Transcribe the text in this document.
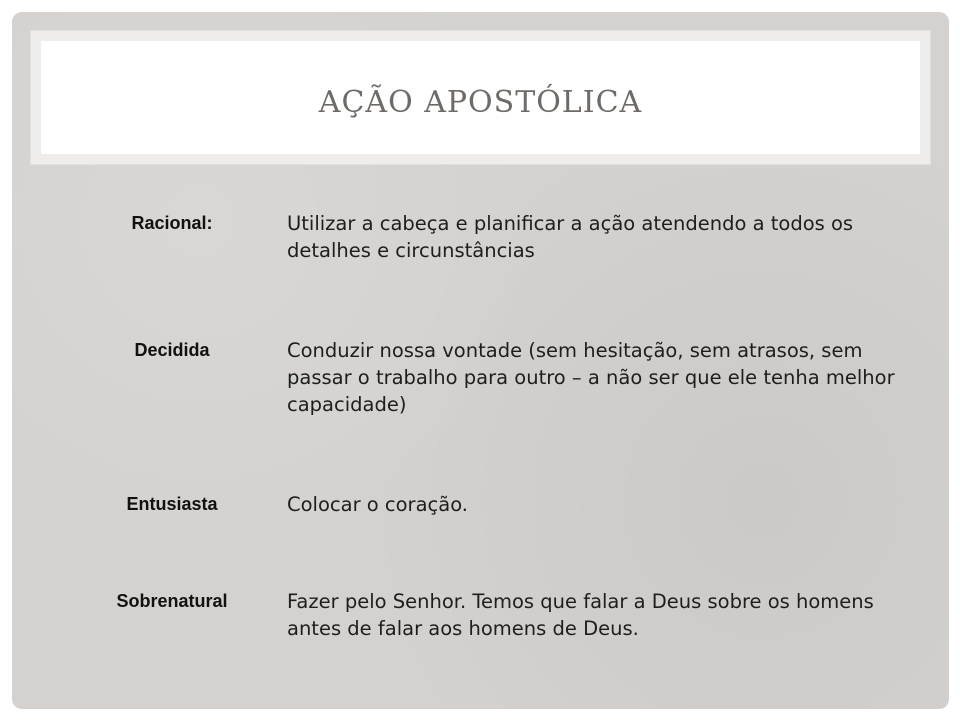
AÇÃO APOSTÓLICA
Racional:	Utilizar a cabeça e planificar a ação atendendo a todos os detalhes e circunstâncias
Decidida	Conduzir nossa vontade (sem hesitação, sem atrasos, sem passar o trabalho para outro – a não ser que ele tenha melhor capacidade)
Entusiasta	Colocar o coração.
Sobrenatural	Fazer pelo Senhor. Temos que falar a Deus sobre os homens antes de falar aos homens de Deus.
